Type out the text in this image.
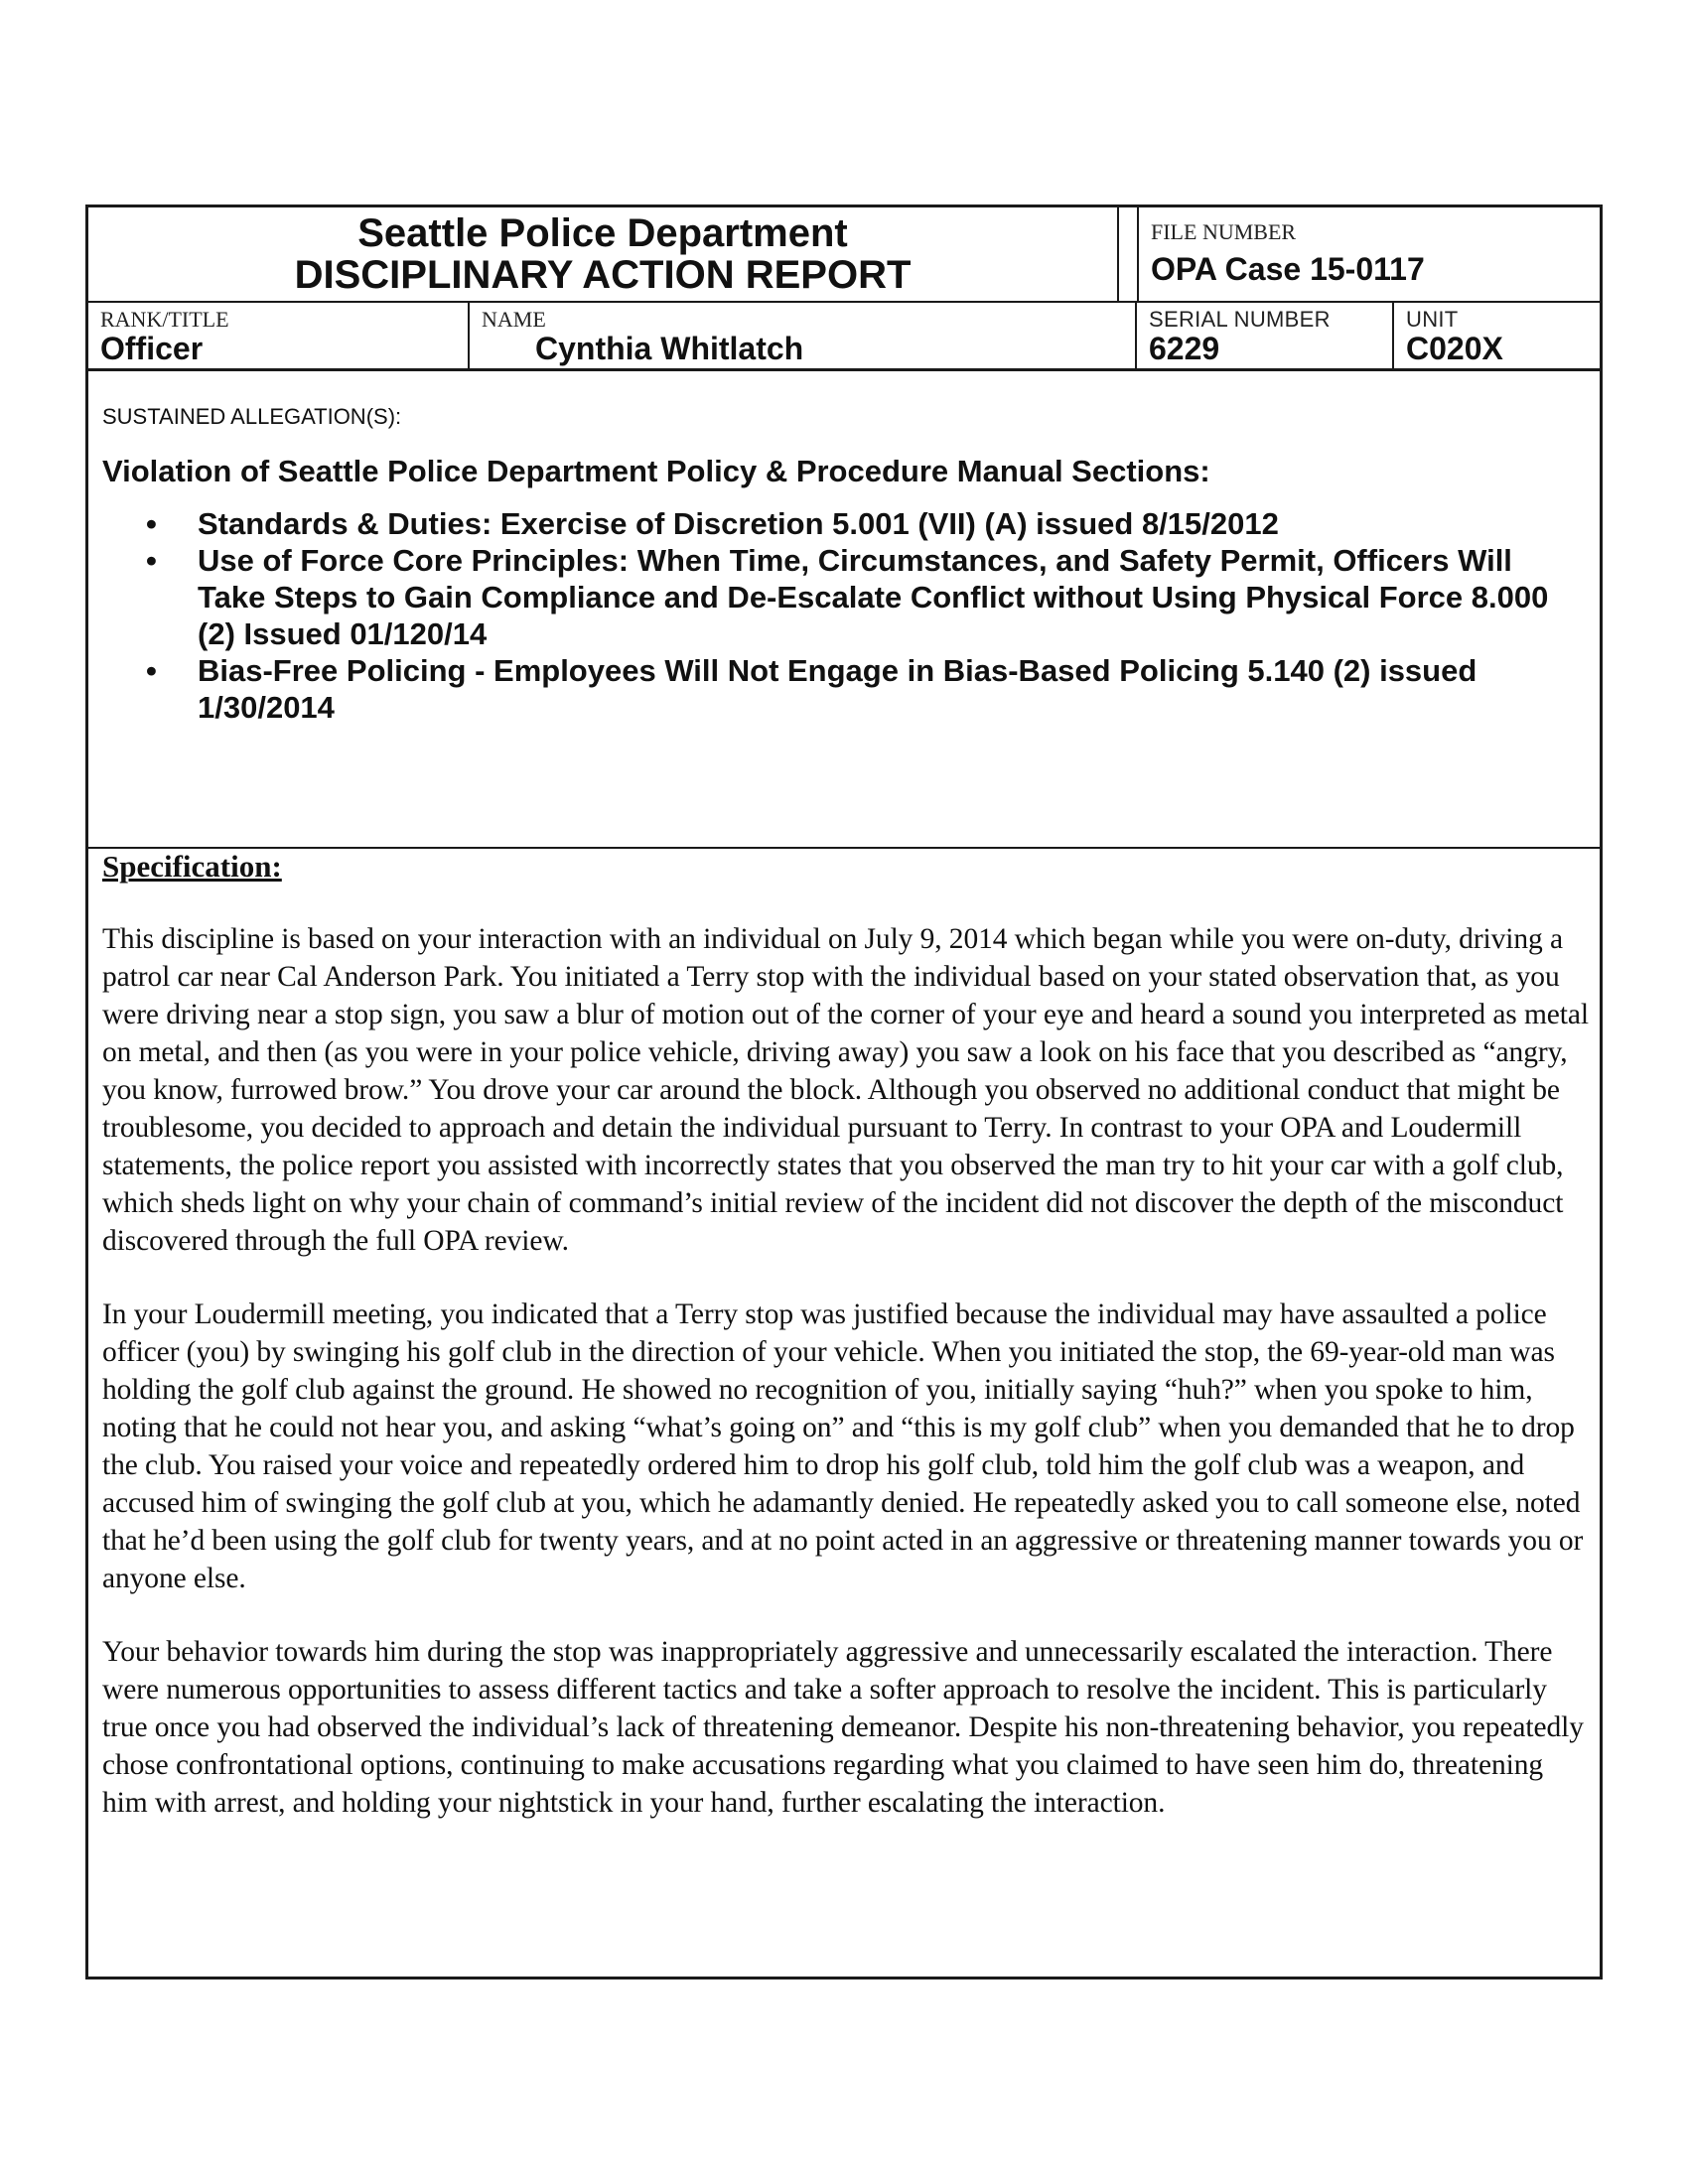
Seattle Police Department
DISCIPLINARY ACTION REPORT
FILE NUMBER
OPA Case 15-0117
RANK/TITLE
Officer
NAME
Cynthia Whitlatch
SERIAL NUMBER
6229
UNIT
C020X
SUSTAINED ALLEGATION(S):
Violation of Seattle Police Department Policy & Procedure Manual Sections:
• Standards & Duties: Exercise of Discretion 5.001 (VII) (A) issued 8/15/2012
• Use of Force Core Principles: When Time, Circumstances, and Safety Permit, Officers Will Take Steps to Gain Compliance and De-Escalate Conflict without Using Physical Force 8.000 (2) Issued 01/120/14
• Bias-Free Policing - Employees Will Not Engage in Bias-Based Policing 5.140 (2) issued 1/30/2014
Specification:

This discipline is based on your interaction with an individual on July 9, 2014 which began while you were on-duty, driving a patrol car near Cal Anderson Park. You initiated a Terry stop with the individual based on your stated observation that, as you were driving near a stop sign, you saw a blur of motion out of the corner of your eye and heard a sound you interpreted as metal on metal, and then (as you were in your police vehicle, driving away) you saw a look on his face that you described as “angry, you know, furrowed brow.” You drove your car around the block. Although you observed no additional conduct that might be troublesome, you decided to approach and detain the individual pursuant to Terry. In contrast to your OPA and Loudermill statements, the police report you assisted with incorrectly states that you observed the man try to hit your car with a golf club, which sheds light on why your chain of command’s initial review of the incident did not discover the depth of the misconduct discovered through the full OPA review.

In your Loudermill meeting, you indicated that a Terry stop was justified because the individual may have assaulted a police officer (you) by swinging his golf club in the direction of your vehicle. When you initiated the stop, the 69-year-old man was holding the golf club against the ground. He showed no recognition of you, initially saying “huh?” when you spoke to him, noting that he could not hear you, and asking “what’s going on” and “this is my golf club” when you demanded that he to drop the club. You raised your voice and repeatedly ordered him to drop his golf club, told him the golf club was a weapon, and accused him of swinging the golf club at you, which he adamantly denied. He repeatedly asked you to call someone else, noted that he’d been using the golf club for twenty years, and at no point acted in an aggressive or threatening manner towards you or anyone else.

Your behavior towards him during the stop was inappropriately aggressive and unnecessarily escalated the interaction. There were numerous opportunities to assess different tactics and take a softer approach to resolve the incident. This is particularly true once you had observed the individual’s lack of threatening demeanor. Despite his non-threatening behavior, you repeatedly chose confrontational options, continuing to make accusations regarding what you claimed to have seen him do, threatening him with arrest, and holding your nightstick in your hand, further escalating the interaction.
